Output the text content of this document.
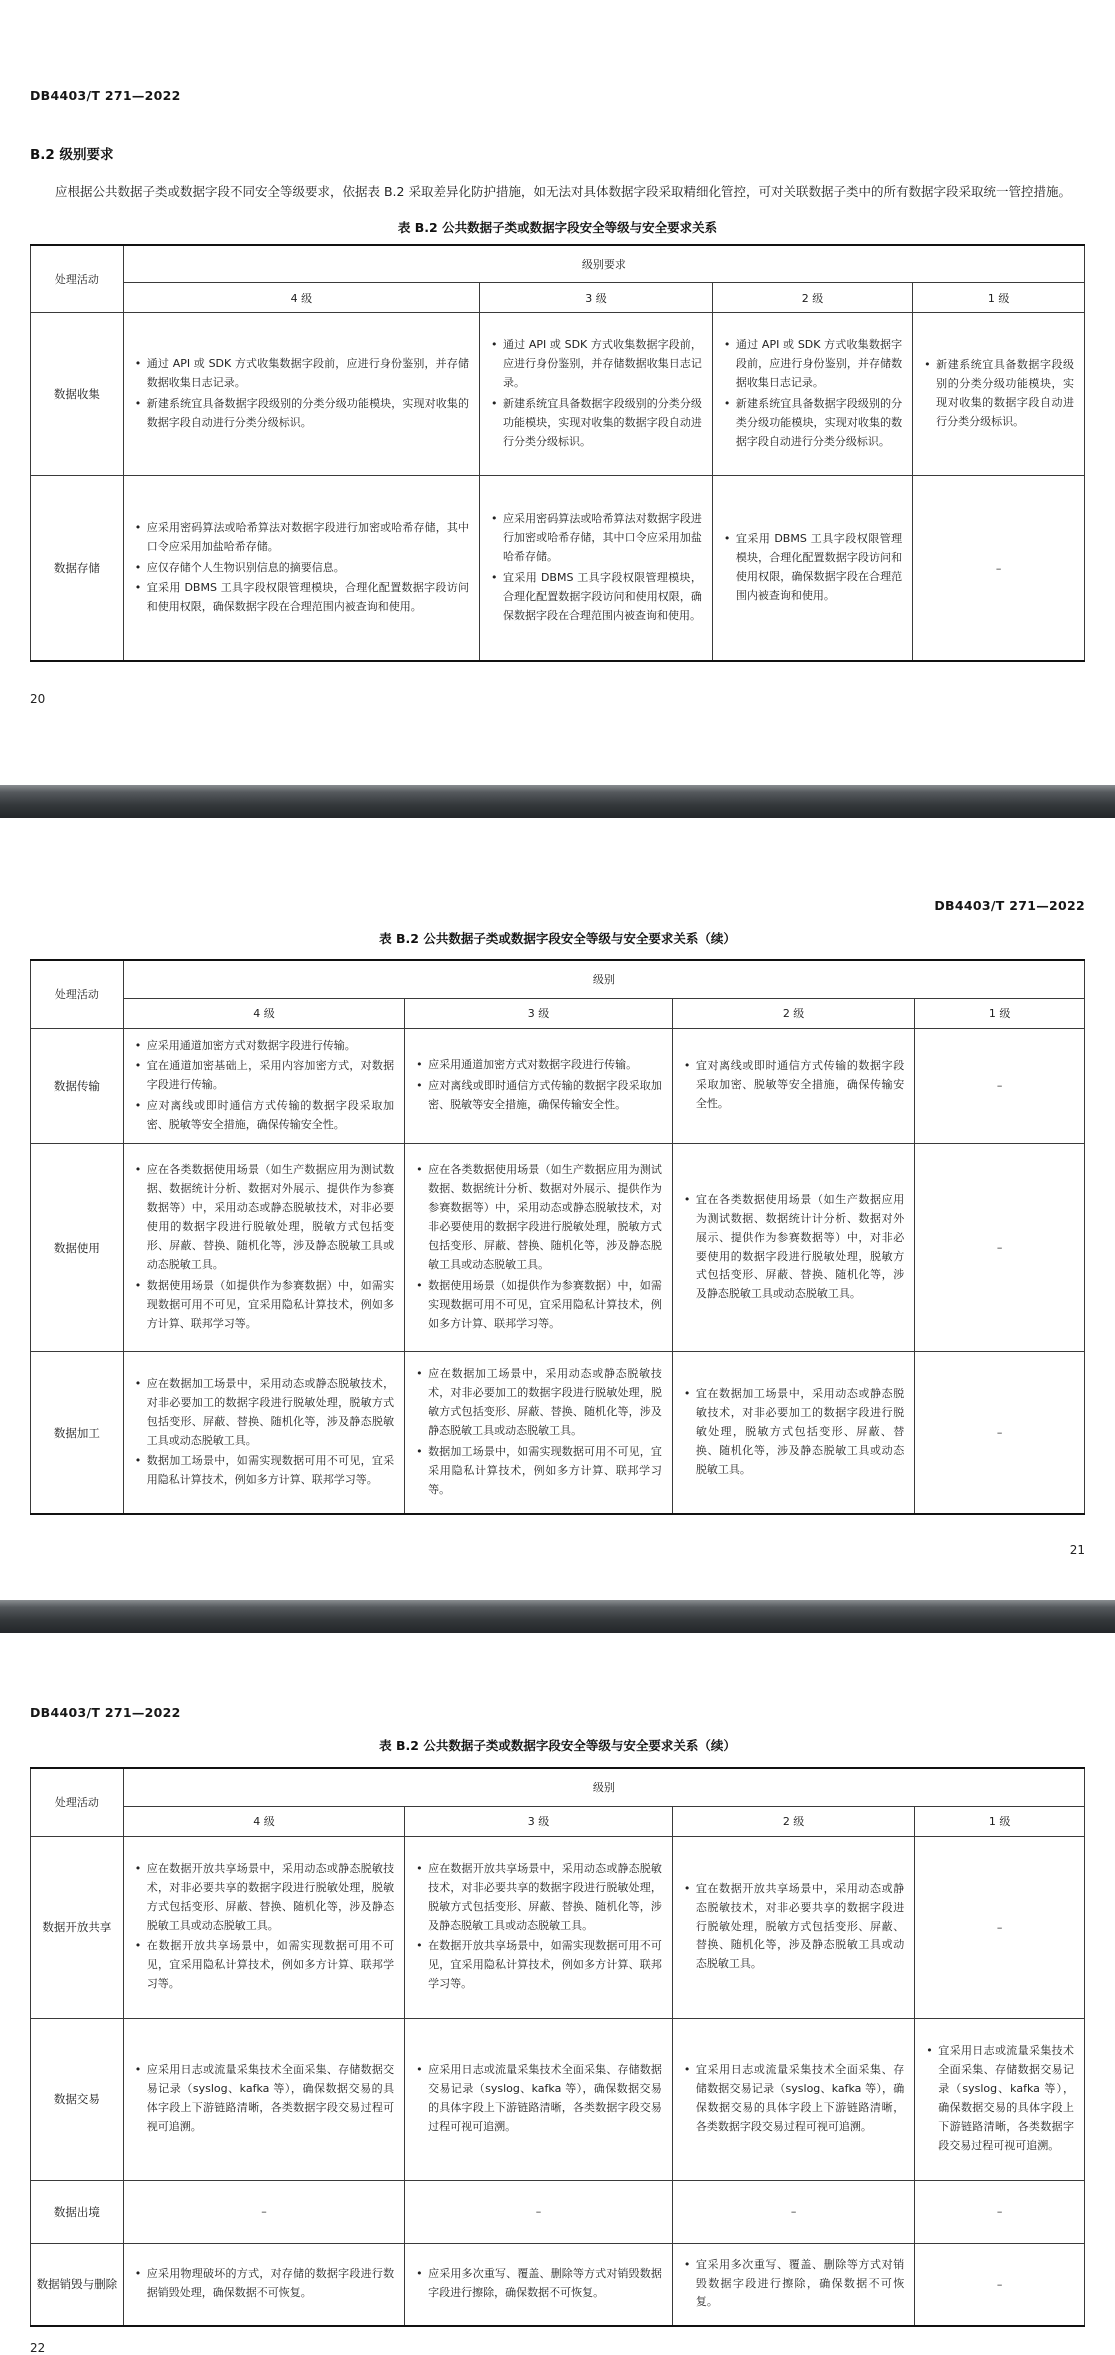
DB4403/T 271—2022
B.2 级别要求

应根据公共数据子类或数据字段不同安全等级要求，依据表 B.2 采取差异化防护措施，如无法对具体数据字段采取精细化管控，可对关联数据子类中的所有数据字段采取统一管控措施。

表 B.2 公共数据子类或数据字段安全等级与安全要求关系
处理活动	级别要求			
	4 级	3 级	2 级	1 级
数据收集	
• 通过 API 或 SDK 方式收集数据字段前，应进行身份鉴别，并存储数据收集日志记录。
• 新建系统宜具备数据字段级别的分类分级功能模块，实现对收集的数据字段自动进行分类分级标识。

• 通过 API 或 SDK 方式收集数据字段前，应进行身份鉴别，并存储数据收集日志记录。
• 新建系统宜具备数据字段级别的分类分级功能模块，实现对收集的数据字段自动进行分类分级标识。

• 通过 API 或 SDK 方式收集数据字段前，应进行身份鉴别，并存储数据收集日志记录。
• 新建系统宜具备数据字段级别的分类分级功能模块，实现对收集的数据字段自动进行分类分级标识。

• 新建系统宜具备数据字段级别的分类分级功能模块，实现对收集的数据字段自动进行分类分级标识。

数据存储	
• 应采用密码算法或哈希算法对数据字段进行加密或哈希存储，其中口令应采用加盐哈希存储。
• 应仅存储个人生物识别信息的摘要信息。
• 宜采用 DBMS 工具字段权限管理模块，合理化配置数据字段访问和使用权限，确保数据字段在合理范围内被查询和使用。

• 应采用密码算法或哈希算法对数据字段进行加密或哈希存储，其中口令应采用加盐哈希存储。
• 宜采用 DBMS 工具字段权限管理模块，合理化配置数据字段访问和使用权限，确保数据字段在合理范围内被查询和使用。

• 宜采用 DBMS 工具字段权限管理模块，合理化配置数据字段访问和使用权限，确保数据字段在合理范围内被查询和使用。
	–
20
DB4403/T 271—2022
表 B.2 公共数据子类或数据字段安全等级与安全要求关系（续）
处理活动	级别			
	4 级	3 级	2 级	1 级
数据传输	
• 应采用通道加密方式对数据字段进行传输。
• 宜在通道加密基础上，采用内容加密方式，对数据字段进行传输。
• 应对离线或即时通信方式传输的数据字段采取加密、脱敏等安全措施，确保传输安全性。

• 应采用通道加密方式对数据字段进行传输。
• 应对离线或即时通信方式传输的数据字段采取加密、脱敏等安全措施，确保传输安全性。

• 宜对离线或即时通信方式传输的数据字段采取加密、脱敏等安全措施，确保传输安全性。
	–
数据使用	
• 应在各类数据使用场景（如生产数据应用为测试数据、数据统计分析、数据对外展示、提供作为参赛数据等）中，采用动态或静态脱敏技术，对非必要使用的数据字段进行脱敏处理，脱敏方式包括变形、屏蔽、替换、随机化等，涉及静态脱敏工具或动态脱敏工具。
• 数据使用场景（如提供作为参赛数据）中，如需实现数据可用不可见，宜采用隐私计算技术，例如多方计算、联邦学习等。

• 应在各类数据使用场景（如生产数据应用为测试数据、数据统计分析、数据对外展示、提供作为参赛数据等）中，采用动态或静态脱敏技术，对非必要使用的数据字段进行脱敏处理，脱敏方式包括变形、屏蔽、替换、随机化等，涉及静态脱敏工具或动态脱敏工具。
• 数据使用场景（如提供作为参赛数据）中，如需实现数据可用不可见，宜采用隐私计算技术，例如多方计算、联邦学习等。

• 宜在各类数据使用场景（如生产数据应用为测试数据、数据统计计分析、数据对外展示、提供作为参赛数据等）中，对非必要使用的数据字段进行脱敏处理，脱敏方式包括变形、屏蔽、替换、随机化等，涉及静态脱敏工具或动态脱敏工具。
	–
数据加工	
• 应在数据加工场景中，采用动态或静态脱敏技术，对非必要加工的数据字段进行脱敏处理，脱敏方式包括变形、屏蔽、替换、随机化等，涉及静态脱敏工具或动态脱敏工具。
• 数据加工场景中，如需实现数据可用不可见，宜采用隐私计算技术，例如多方计算、联邦学习等。

• 应在数据加工场景中，采用动态或静态脱敏技术，对非必要加工的数据字段进行脱敏处理，脱敏方式包括变形、屏蔽、替换、随机化等，涉及静态脱敏工具或动态脱敏工具。
• 数据加工场景中，如需实现数据可用不可见，宜采用隐私计算技术，例如多方计算、联邦学习等。

• 宜在数据加工场景中，采用动态或静态脱敏技术，对非必要加工的数据字段进行脱敏处理，脱敏方式包括变形、屏蔽、替换、随机化等，涉及静态脱敏工具或动态脱敏工具。
	–
21
DB4403/T 271—2022
表 B.2 公共数据子类或数据字段安全等级与安全要求关系（续）
处理活动	级别			
	4 级	3 级	2 级	1 级
数据开放共享	
• 应在数据开放共享场景中，采用动态或静态脱敏技术，对非必要共享的数据字段进行脱敏处理，脱敏方式包括变形、屏蔽、替换、随机化等，涉及静态脱敏工具或动态脱敏工具。
• 在数据开放共享场景中，如需实现数据可用不可见，宜采用隐私计算技术，例如多方计算、联邦学习等。

• 应在数据开放共享场景中，采用动态或静态脱敏技术，对非必要共享的数据字段进行脱敏处理，脱敏方式包括变形、屏蔽、替换、随机化等，涉及静态脱敏工具或动态脱敏工具。
• 在数据开放共享场景中，如需实现数据可用不可见，宜采用隐私计算技术，例如多方计算、联邦学习等。

• 宜在数据开放共享场景中，采用动态或静态脱敏技术，对非必要共享的数据字段进行脱敏处理，脱敏方式包括变形、屏蔽、替换、随机化等，涉及静态脱敏工具或动态脱敏工具。
	–
数据交易	
• 应采用日志或流量采集技术全面采集、存储数据交易记录（syslog、kafka 等），确保数据交易的具体字段上下游链路清晰，各类数据字段交易过程可视可追溯。

• 应采用日志或流量采集技术全面采集、存储数据交易记录（syslog、kafka 等），确保数据交易的具体字段上下游链路清晰，各类数据字段交易过程可视可追溯。

• 宜采用日志或流量采集技术全面采集、存储数据交易记录（syslog、kafka 等），确保数据交易的具体字段上下游链路清晰，各类数据字段交易过程可视可追溯。

• 宜采用日志或流量采集技术全面采集、存储数据交易记录（syslog、kafka 等），确保数据交易的具体字段上下游链路清晰，各类数据字段交易过程可视可追溯。

数据出境	–	–	–	–
数据销毁与删除	
• 应采用物理破坏的方式，对存储的数据字段进行数据销毁处理，确保数据不可恢复。

• 应采用多次重写、覆盖、删除等方式对销毁数据字段进行擦除，确保数据不可恢复。

• 宜采用多次重写、覆盖、删除等方式对销毁数据字段进行擦除，确保数据不可恢复。
	–
22
